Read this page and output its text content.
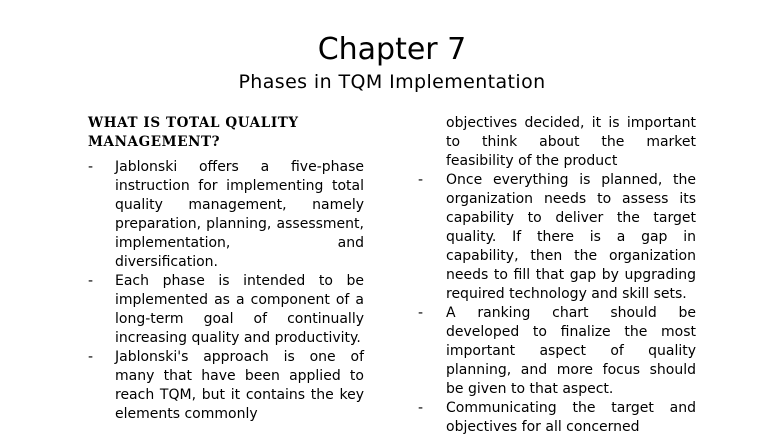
Chapter 7
Phases in TQM Implementation

WHAT IS TOTAL QUALITY MANAGEMENT?

- Jablonski offers a five-phase instruction for implementing total quality management, namely preparation, planning, assessment, implementation, and diversification.
- Each phase is intended to be implemented as a component of a long-term goal of continually increasing quality and productivity.
- Jablonski's approach is one of many that have been applied to reach TQM, but it contains the key elements commonly

objectives decided, it is important to think about the market feasibility of the product

- Once everything is planned, the organization needs to assess its capability to deliver the target quality. If there is a gap in capability, then the organization needs to fill that gap by upgrading required technology and skill sets.
- A ranking chart should be developed to finalize the most important aspect of quality planning, and more focus should be given to that aspect.
- Communicating the target and objectives for all concerned
